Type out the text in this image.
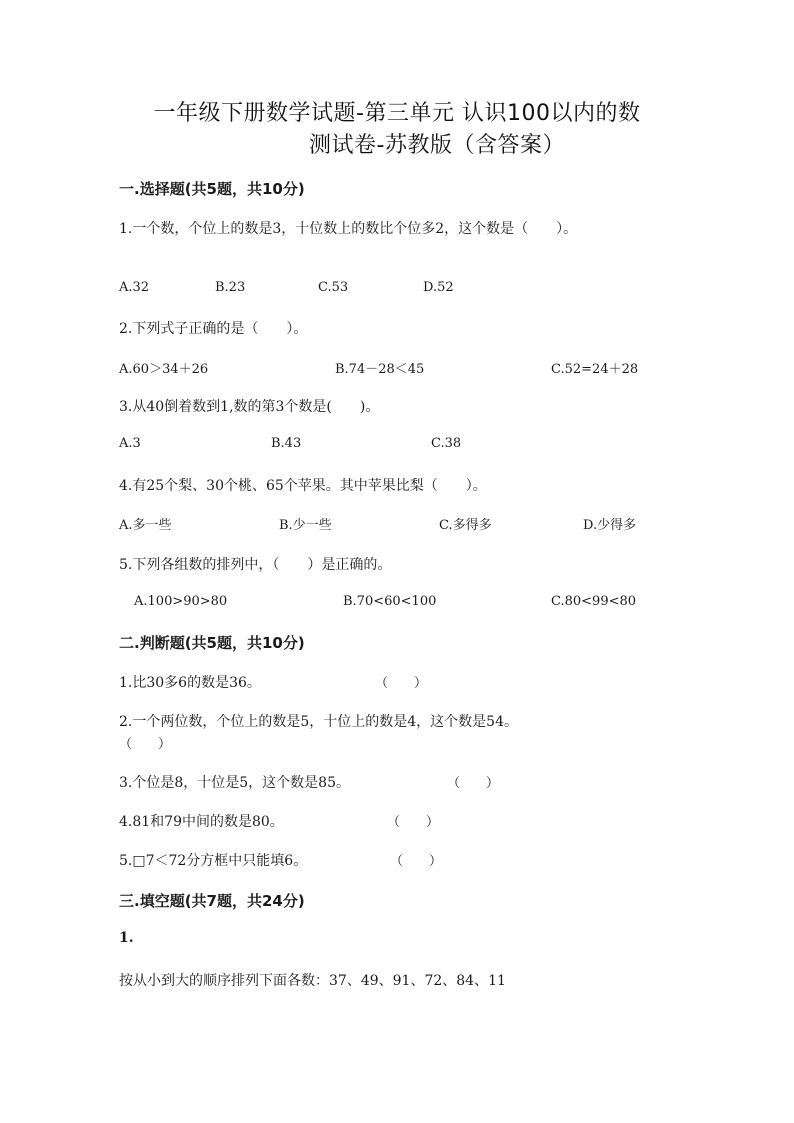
一年级下册数学试题-第三单元 认识100以内的数
测试卷-苏教版（含答案）
一.选择题(共5题，共10分)
1.一个数，个位上的数是3，十位数上的数比个位多2，这个数是（　　）。
A.32	B.23	C.53	D.52
2.下列式子正确的是（　　）。
A.60＞34＋26	B.74－28＜45	C.52=24＋28
3.从40倒着数到1,数的第3个数是(　　)。
A.3	B.43	C.38
4.有25个梨、30个桃、65个苹果。其中苹果比梨（　　）。
A.多一些	B.少一些	C.多得多	D.少得多
5.下列各组数的排列中，（　　）是正确的。
A.100>90>80	B.70<60<100	C.80<99<80
二.判断题(共5题，共10分)
1.比30多6的数是36。	（　　）
2.一个两位数，个位上的数是5，十位上的数是4，这个数是54。
（　　）
3.个位是8，十位是5，这个数是85。	（　　）
4.81和79中间的数是80。	（　　）
5.□7＜72分方框中只能填6。	（　　）
三.填空题(共7题，共24分)
1.
按从小到大的顺序排列下面各数：37、49、91、72、84、11
